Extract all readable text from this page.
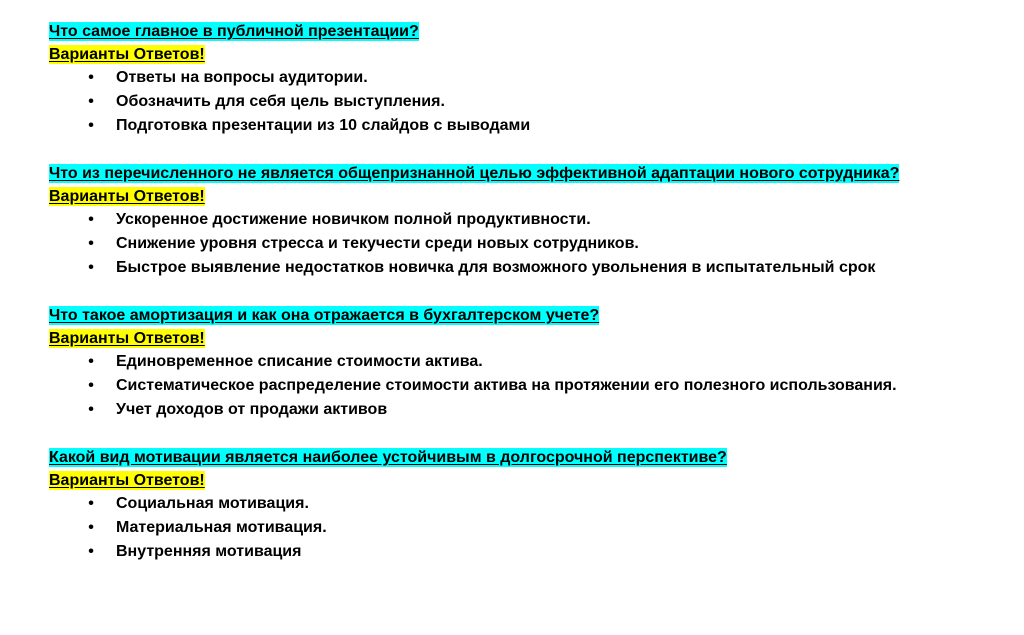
Что самое главное в публичной презентации?
Варианты Ответов!
• Ответы на вопросы аудитории.
• Обозначить для себя цель выступления.
• Подготовка презентации из 10 слайдов с выводами
Что из перечисленного не является общепризнанной целью эффективной адаптации нового сотрудника?
Варианты Ответов!
• Ускоренное достижение новичком полной продуктивности.
• Снижение уровня стресса и текучести среди новых сотрудников.
• Быстрое выявление недостатков новичка для возможного увольнения в испытательный срок
Что такое амортизация и как она отражается в бухгалтерском учете?
Варианты Ответов!
• Единовременное списание стоимости актива.
• Систематическое распределение стоимости актива на протяжении его полезного использования.
• Учет доходов от продажи активов
Какой вид мотивации является наиболее устойчивым в долгосрочной перспективе?
Варианты Ответов!
• Социальная мотивация.
• Материальная мотивация.
• Внутренняя мотивация
